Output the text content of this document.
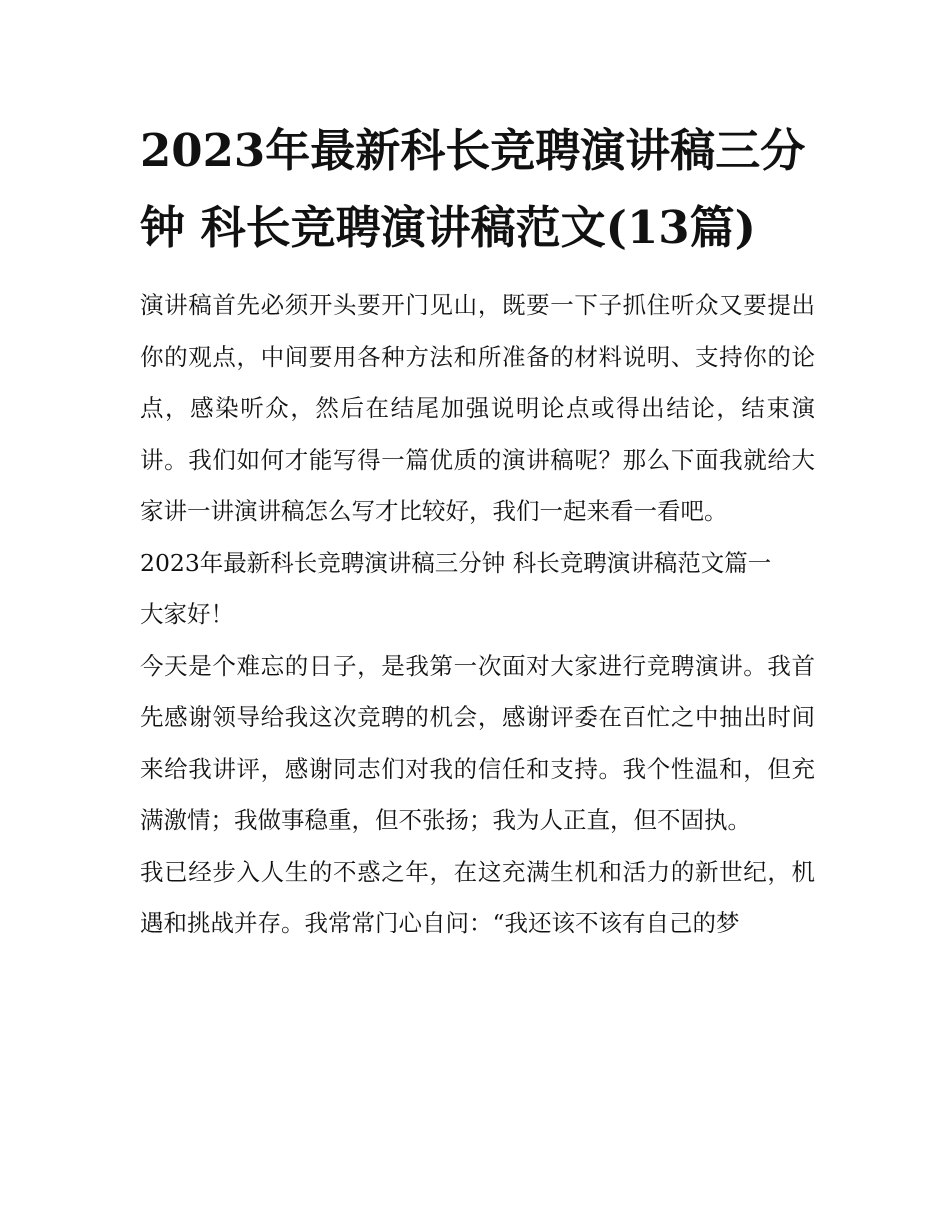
2023年最新科长竞聘演讲稿三分钟 科长竞聘演讲稿范文(13篇)

演讲稿首先必须开头要开门见山，既要一下子抓住听众又要提出你的观点，中间要用各种方法和所准备的材料说明、支持你的论点，感染听众，然后在结尾加强说明论点或得出结论，结束演讲。我们如何才能写得一篇优质的演讲稿呢？那么下面我就给大家讲一讲演讲稿怎么写才比较好，我们一起来看一看吧。

2023年最新科长竞聘演讲稿三分钟 科长竞聘演讲稿范文篇一

大家好！

今天是个难忘的日子，是我第一次面对大家进行竞聘演讲。我首先感谢领导给我这次竞聘的机会，感谢评委在百忙之中抽出时间来给我讲评，感谢同志们对我的信任和支持。我个性温和，但充满激情；我做事稳重，但不张扬；我为人正直，但不固执。

我已经步入人生的不惑之年，在这充满生机和活力的新世纪，机遇和挑战并存。我常常门心自问：“我还该不该有自己的梦
